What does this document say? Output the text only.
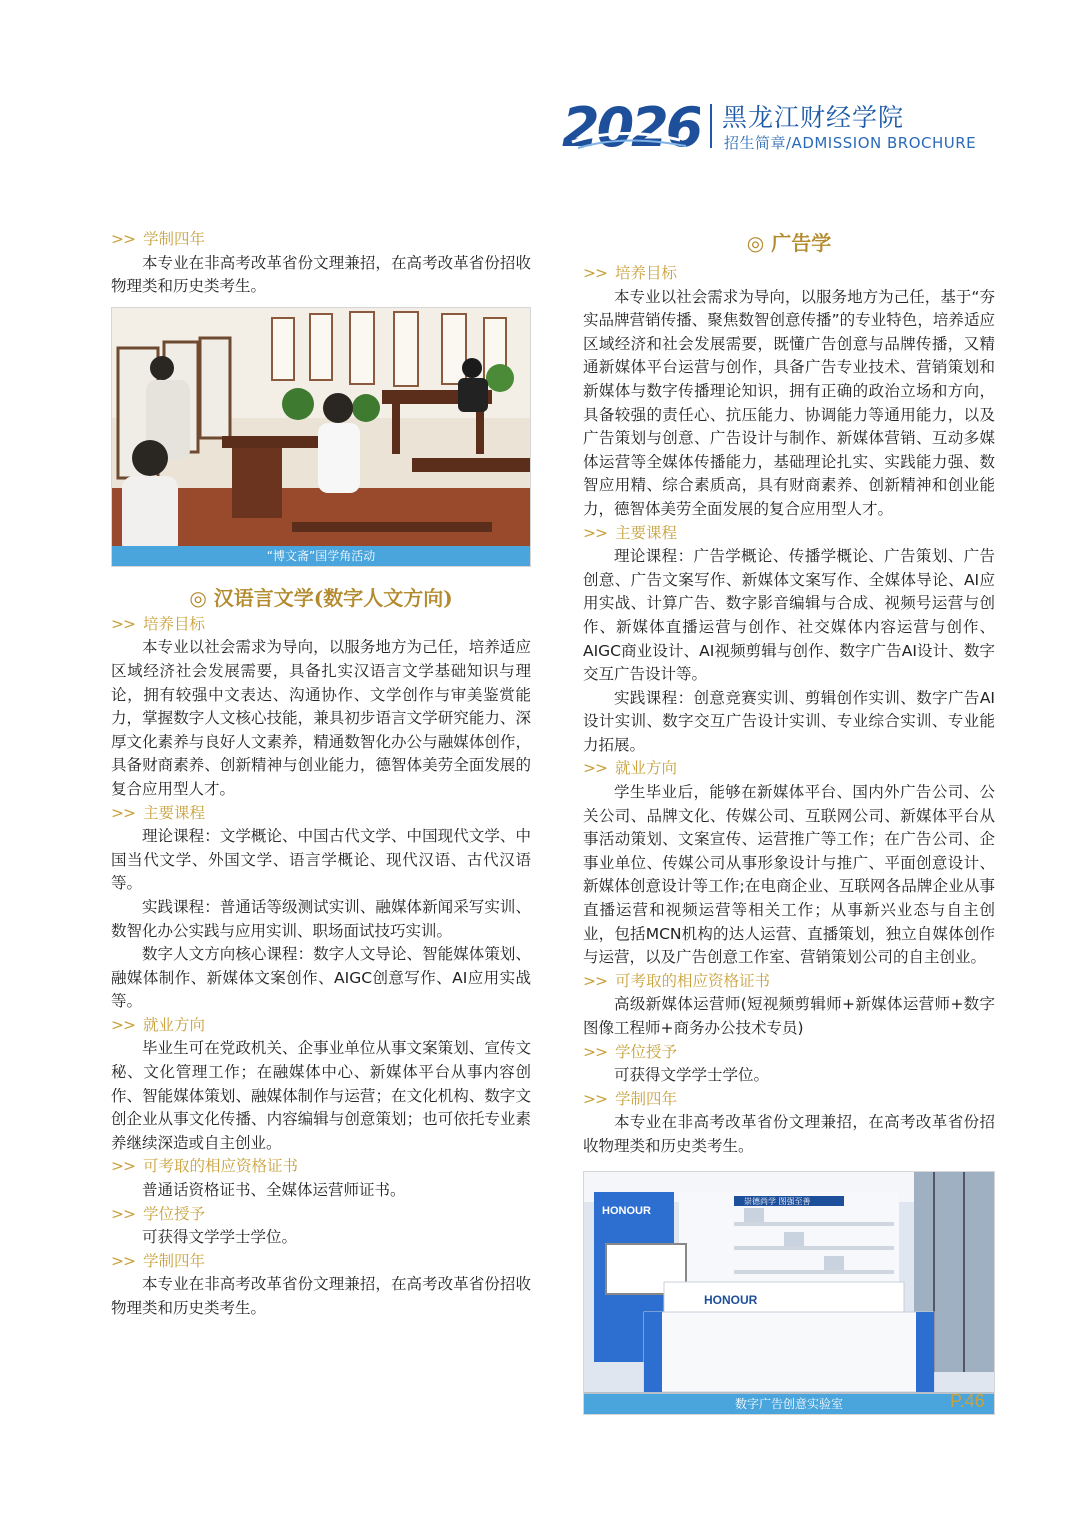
2026 黑龙江财经学院
招生简章/ADMISSION BROCHURE
>> 学制四年

本专业在非高考改革省份文理兼招，在高考改革省份招收物理类和历史类考生。

“博文斋”国学角活动
◎ 汉语言文学(数字人文方向)
>> 培养目标

本专业以社会需求为导向，以服务地方为己任，培养适应区域经济社会发展需要，具备扎实汉语言文学基础知识与理论，拥有较强中文表达、沟通协作、文学创作与审美鉴赏能力，掌握数字人文核心技能，兼具初步语言文学研究能力、深厚文化素养与良好人文素养，精通数智化办公与融媒体创作，具备财商素养、创新精神与创业能力，德智体美劳全面发展的复合应用型人才。

>> 主要课程

理论课程：文学概论、中国古代文学、中国现代文学、中国当代文学、外国文学、语言学概论、现代汉语、古代汉语等。

实践课程：普通话等级测试实训、融媒体新闻采写实训、数智化办公实践与应用实训、职场面试技巧实训。

数字人文方向核心课程：数字人文导论、智能媒体策划、融媒体制作、新媒体文案创作、AIGC创意写作、AI应用实战等。

>> 就业方向

毕业生可在党政机关、企事业单位从事文案策划、宣传文秘、文化管理工作；在融媒体中心、新媒体平台从事内容创作、智能媒体策划、融媒体制作与运营；在文化机构、数字文创企业从事文化传播、内容编辑与创意策划；也可依托专业素养继续深造或自主创业。

>> 可考取的相应资格证书

普通话资格证书、全媒体运营师证书。

>> 学位授予

可获得文学学士学位。

>> 学制四年

本专业在非高考改革省份文理兼招，在高考改革省份招收物理类和历史类考生。

◎ 广告学
>> 培养目标

本专业以社会需求为导向，以服务地方为己任，基于“夯实品牌营销传播、聚焦数智创意传播”的专业特色，培养适应区域经济和社会发展需要，既懂广告创意与品牌传播，又精通新媒体平台运营与创作，具备广告专业技术、营销策划和新媒体与数字传播理论知识，拥有正确的政治立场和方向，具备较强的责任心、抗压能力、协调能力等通用能力，以及广告策划与创意、广告设计与制作、新媒体营销、互动多媒体运营等全媒体传播能力，基础理论扎实、实践能力强、数智应用精、综合素质高，具有财商素养、创新精神和创业能力，德智体美劳全面发展的复合应用型人才。

>> 主要课程

理论课程：广告学概论、传播学概论、广告策划、广告创意、广告文案写作、新媒体文案写作、全媒体导论、AI应用实战、计算广告、数字影音编辑与合成、视频号运营与创作、新媒体直播运营与创作、社交媒体内容运营与创作、AIGC商业设计、AI视频剪辑与创作、数字广告AI设计、数字交互广告设计等。

实践课程：创意竞赛实训、剪辑创作实训、数字广告AI设计实训、数字交互广告设计实训、专业综合实训、专业能力拓展。

>> 就业方向

学生毕业后，能够在新媒体平台、国内外广告公司、公关公司、品牌文化、传媒公司、互联网公司、新媒体平台从事活动策划、文案宣传、运营推广等工作；在广告公司、企事业单位、传媒公司从事形象设计与推广、平面创意设计、新媒体创意设计等工作;在电商企业、互联网各品牌企业从事直播运营和视频运营等相关工作；从事新兴业态与自主创业，包括MCN机构的达人运营、直播策划，独立自媒体创作与运营，以及广告创意工作室、营销策划公司的自主创业。

>> 可考取的相应资格证书

高级新媒体运营师(短视频剪辑师+新媒体运营师+数字图像工程师+商务办公技术专员)

>> 学位授予

可获得文学学士学位。

>> 学制四年

本专业在非高考改革省份文理兼招，在高考改革省份招收物理类和历史类考生。

HONOUR
崇德尚学 图强至善
HONOUR
数字广告创意实验室	P.46
